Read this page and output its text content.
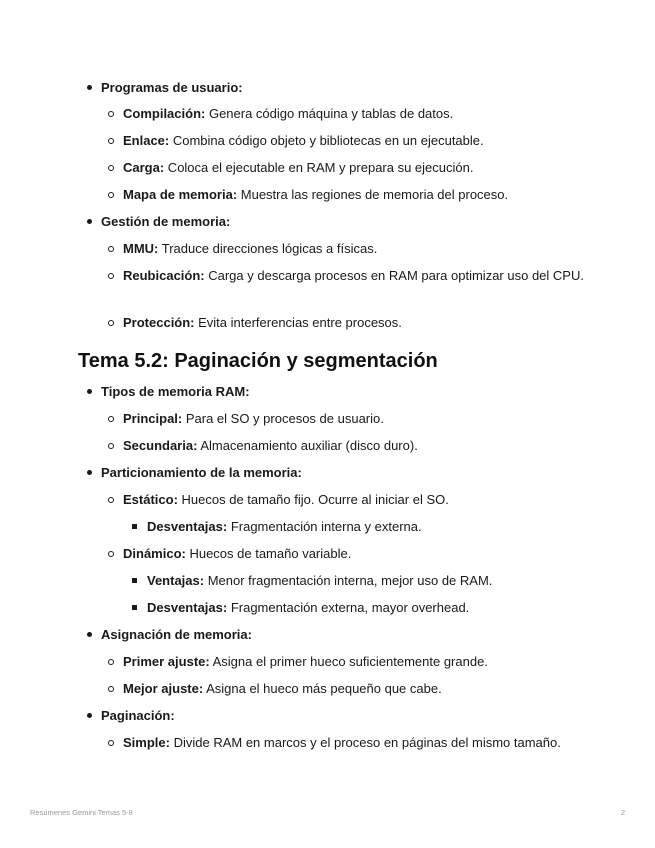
Programas de usuario:
Compilación: Genera código máquina y tablas de datos.
Enlace: Combina código objeto y bibliotecas en un ejecutable.
Carga: Coloca el ejecutable en RAM y prepara su ejecución.
Mapa de memoria: Muestra las regiones de memoria del proceso.
Gestión de memoria:
MMU: Traduce direcciones lógicas a físicas.
Reubicación: Carga y descarga procesos en RAM para optimizar uso del CPU.
Protección: Evita interferencias entre procesos.
Tema 5.2: Paginación y segmentación
Tipos de memoria RAM:
Principal: Para el SO y procesos de usuario.
Secundaria: Almacenamiento auxiliar (disco duro).
Particionamiento de la memoria:
Estático: Huecos de tamaño fijo. Ocurre al iniciar el SO.
Desventajas: Fragmentación interna y externa.
Dinámico: Huecos de tamaño variable.
Ventajas: Menor fragmentación interna, mejor uso de RAM.
Desventajas: Fragmentación externa, mayor overhead.
Asignación de memoria:
Primer ajuste: Asigna el primer hueco suficientemente grande.
Mejor ajuste: Asigna el hueco más pequeño que cabe.
Paginación:
Simple: Divide RAM en marcos y el proceso en páginas del mismo tamaño.
Resumenes Gemini Temas 5-8	2
